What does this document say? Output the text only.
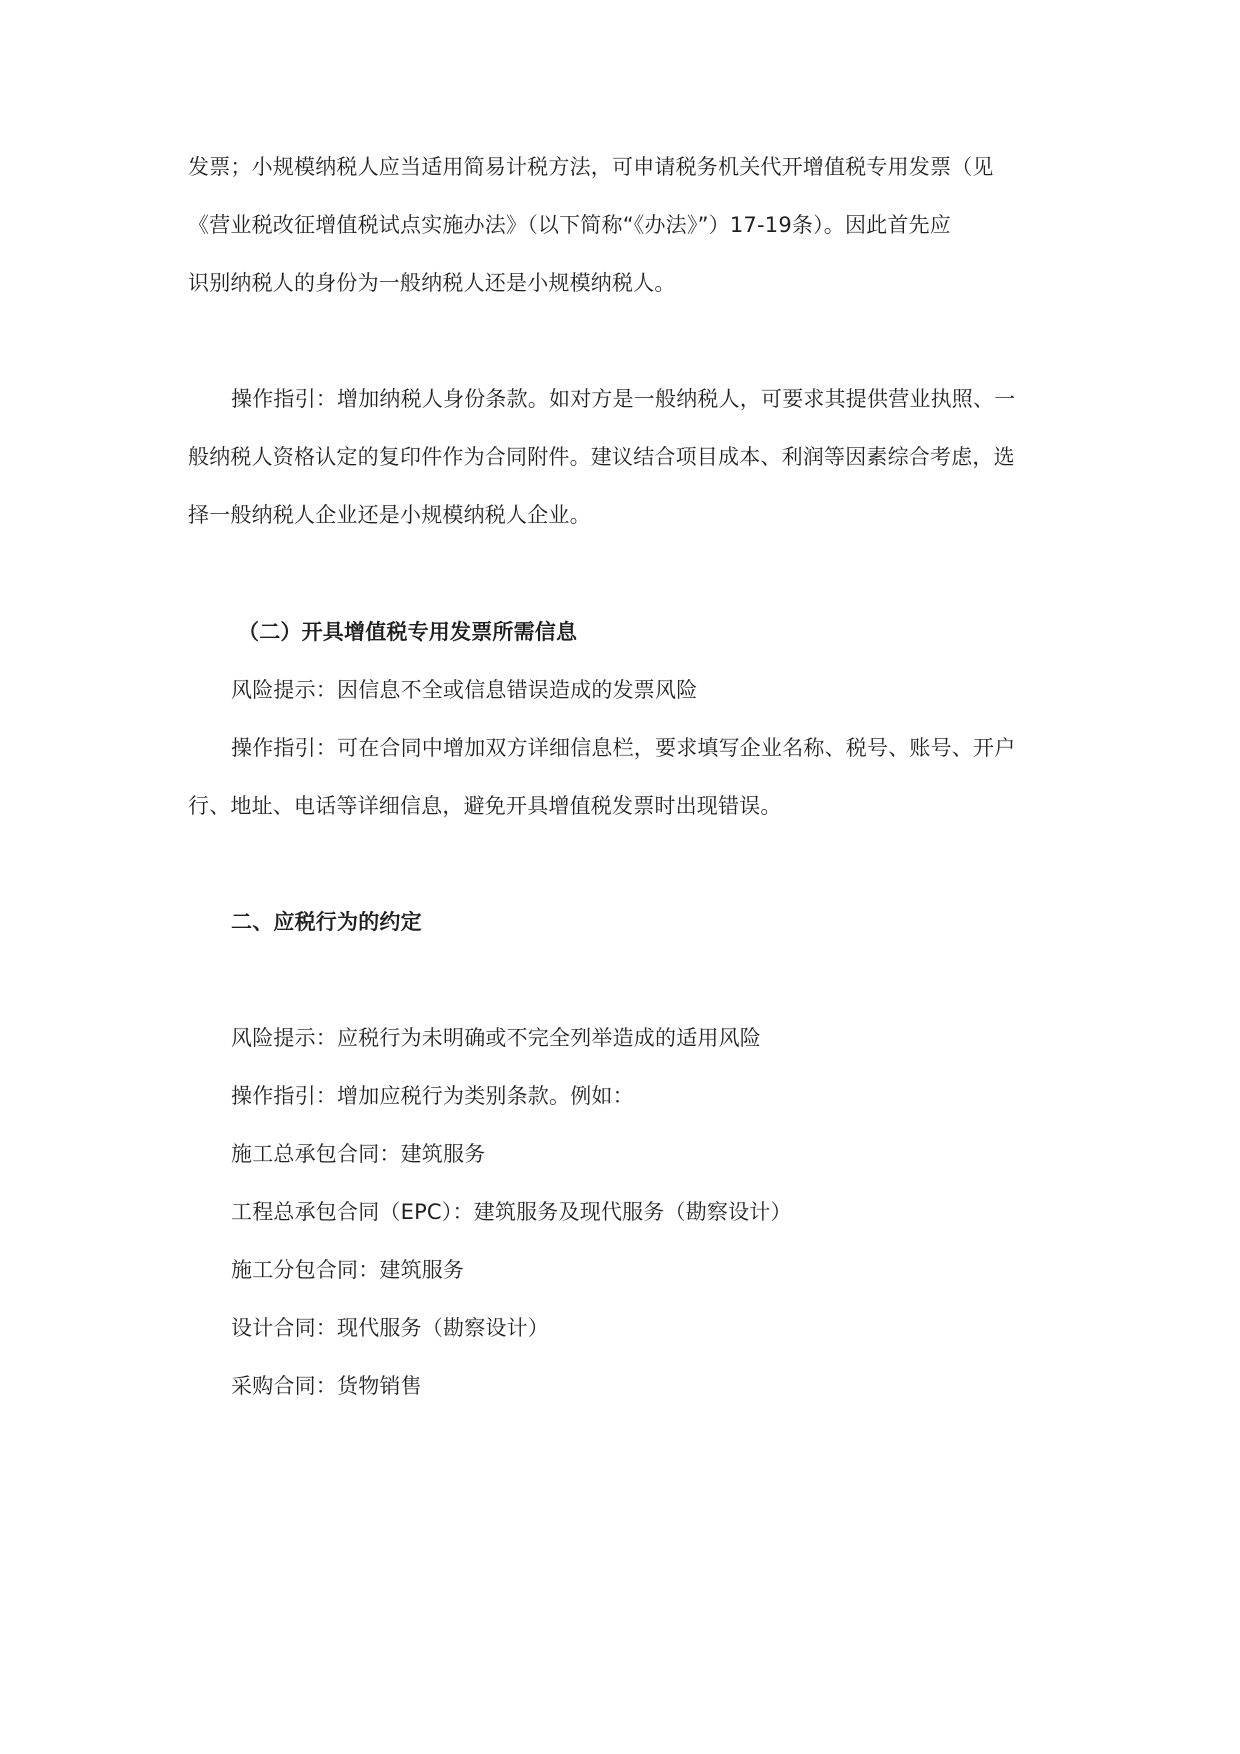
发票；小规模纳税人应当适用简易计税方法，可申请税务机关代开增值税专用发票（见
《营业税改征增值税试点实施办法》（以下简称“《办法》”）17-19条）。因此首先应
识别纳税人的身份为一般纳税人还是小规模纳税人。
操作指引：增加纳税人身份条款。如对方是一般纳税人，可要求其提供营业执照、一
般纳税人资格认定的复印件作为合同附件。建议结合项目成本、利润等因素综合考虑，选
择一般纳税人企业还是小规模纳税人企业。
（二）开具增值税专用发票所需信息
风险提示：因信息不全或信息错误造成的发票风险
操作指引：可在合同中增加双方详细信息栏，要求填写企业名称、税号、账号、开户
行、地址、电话等详细信息，避免开具增值税发票时出现错误。
二、应税行为的约定
风险提示：应税行为未明确或不完全列举造成的适用风险
操作指引：增加应税行为类别条款。例如：
施工总承包合同：建筑服务
工程总承包合同（EPC）：建筑服务及现代服务（勘察设计）
施工分包合同：建筑服务
设计合同：现代服务（勘察设计）
采购合同：货物销售
